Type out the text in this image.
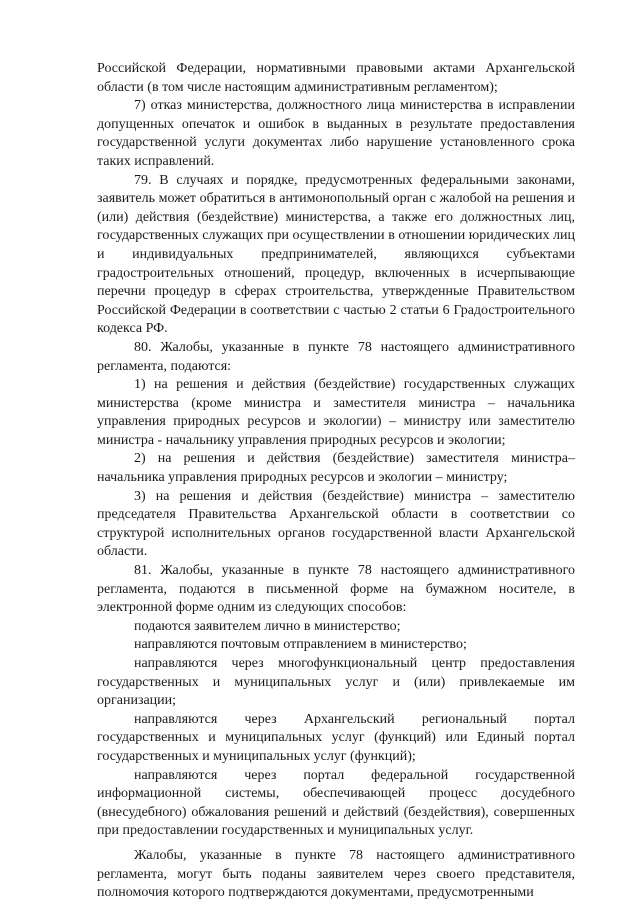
Российской Федерации, нормативными правовыми актами Архангельской области (в том числе настоящим административным регламентом);

7) отказ министерства, должностного лица министерства в исправлении допущенных опечаток и ошибок в выданных в результате предоставления государственной услуги документах либо нарушение установленного срока таких исправлений.

79. В случаях и порядке, предусмотренных федеральными законами, заявитель может обратиться в антимонопольный орган с жалобой на решения и (или) действия (бездействие) министерства, а также его должностных лиц, государственных служащих при осуществлении в отношении юридических лиц и индивидуальных предпринимателей, являющихся субъектами градостроительных отношений, процедур, включенных в исчерпывающие перечни процедур в сферах строительства, утвержденные Правительством Российской Федерации в соответствии с частью 2 статьи 6 Градостроительного кодекса РФ.

80. Жалобы, указанные в пункте 78 настоящего административного регламента, подаются:

1) на решения и действия (бездействие) государственных служащих министерства (кроме министра и заместителя министра – начальника управления природных ресурсов и экологии) – министру или заместителю министра - начальнику управления природных ресурсов и экологии;

2) на решения и действия (бездействие) заместителя министра–начальника управления природных ресурсов и экологии – министру;

3) на решения и действия (бездействие) министра – заместителю председателя Правительства Архангельской области в соответствии со структурой исполнительных органов государственной власти Архангельской области.

81. Жалобы, указанные в пункте 78 настоящего административного регламента, подаются в письменной форме на бумажном носителе, в электронной форме одним из следующих способов:

подаются заявителем лично в министерство;

направляются почтовым отправлением в министерство;

направляются через многофункциональный центр предоставления государственных и муниципальных услуг и (или) привлекаемые им организации;

направляются через Архангельский региональный портал государственных и муниципальных услуг (функций) или Единый портал государственных и муниципальных услуг (функций);

направляются через портал федеральной государственной информационной системы, обеспечивающей процесс досудебного (внесудебного) обжалования решений и действий (бездействия), совершенных при предоставлении государственных и муниципальных услуг.

Жалобы, указанные в пункте 78 настоящего административного регламента, могут быть поданы заявителем через своего представителя, полномочия которого подтверждаются документами, предусмотренными
